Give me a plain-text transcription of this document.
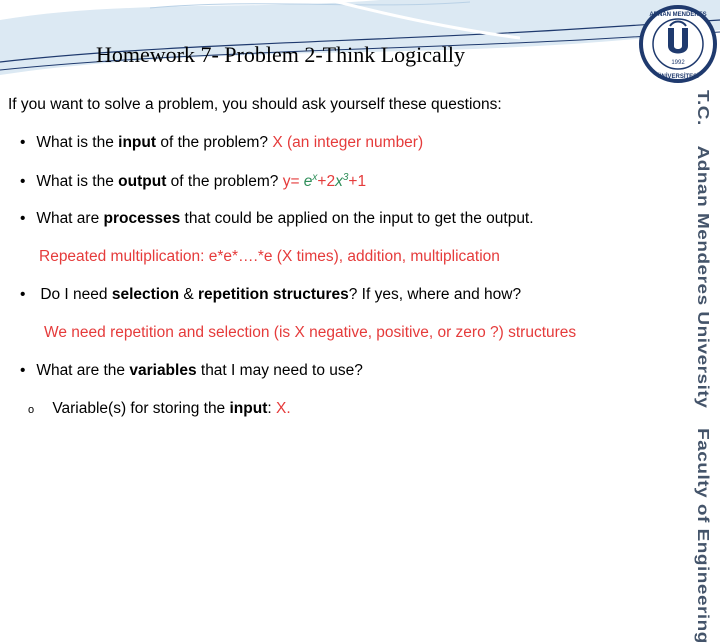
Homework 7- Problem 2-Think Logically	1992
ADNAN MENDERES
ÜNİVERSİTESİ
T.C. Adnan Menderes University Faculty of Engineering
If you want to solve a problem, you should ask yourself these questions:
• What is the input of the problem? X (an integer number)
• What is the output of the problem? $y= e^x+2x^3+1$
• What are processes that could be applied on the input to get the output.
Repeated multiplication: e*e*….*e (X times), addition, multiplication
• Do I need selection & repetition structures? If yes, where and how?
We need repetition and selection (is X negative, positive, or zero ?) structures
• What are the variables that I may need to use?
o Variable(s) for storing the input: X.
